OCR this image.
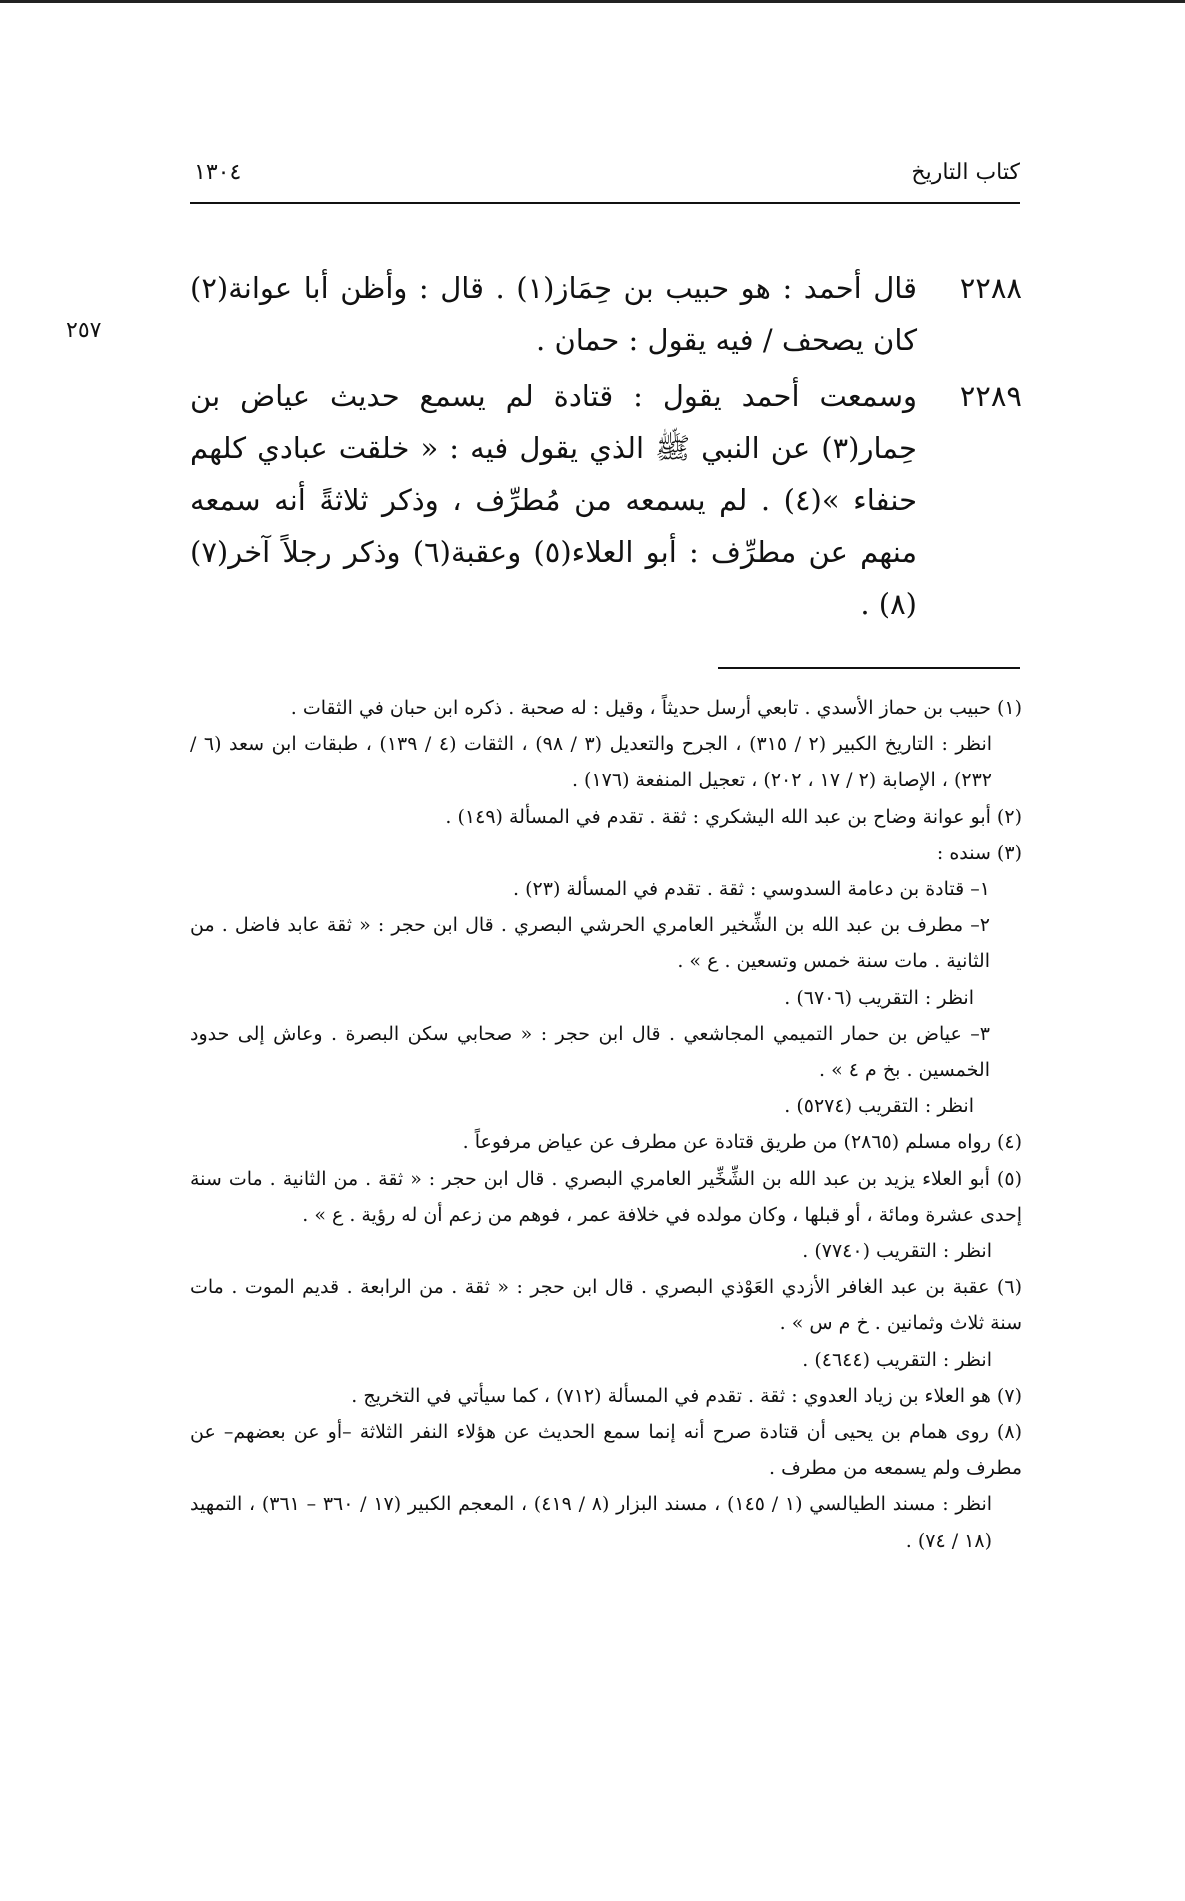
كتاب التاريخ
١٣٠٤
٢٥٧
٢٢٨٨
قال أحمد : هو حبيب بن حِمَاز(١) . قال : وأظن أبا عوانة(٢) كان يصحف / فيه يقول : حمان .
٢٢٨٩
وسمعت أحمد يقول : قتادة لم يسمع حديث عياض بن حِمار(٣) عن النبي ﷺ الذي يقول فيه : « خلقت عبادي كلهم حنفاء »(٤) . لم يسمعه من مُطرِّف ، وذكر ثلاثةً أنه سمعه منهم عن مطرِّف : أبو العلاء(٥) وعقبة(٦) وذكر رجلاً آخر(٧)(٨) .

(١) حبيب بن حماز الأسدي . تابعي أرسل حديثاً ، وقيل : له صحبة . ذكره ابن حبان في الثقات .

انظر : التاريخ الكبير (٢ / ٣١٥) ، الجرح والتعديل (٣ / ٩٨) ، الثقات (٤ / ١٣٩) ، طبقات ابن سعد (٦ / ٢٣٢) ، الإصابة (٢ / ١٧ ، ٢٠٢) ، تعجيل المنفعة (١٧٦) .

(٢) أبو عوانة وضاح بن عبد الله اليشكري : ثقة . تقدم في المسألة (١٤٩) .

(٣) سنده :

١– قتادة بن دعامة السدوسي : ثقة . تقدم في المسألة (٢٣) .

٢– مطرف بن عبد الله بن الشِّخير العامري الحرشي البصري . قال ابن حجر : « ثقة عابد فاضل . من الثانية . مات سنة خمس وتسعين . ع » .

انظر : التقريب (٦٧٠٦) .

٣– عياض بن حمار التميمي المجاشعي . قال ابن حجر : « صحابي سكن البصرة . وعاش إلى حدود الخمسين . بخ م ٤ » .

انظر : التقريب (٥٢٧٤) .

(٤) رواه مسلم (٢٨٦٥) من طريق قتادة عن مطرف عن عياض مرفوعاً .

(٥) أبو العلاء يزيد بن عبد الله بن الشِّخِّير العامري البصري . قال ابن حجر : « ثقة . من الثانية . مات سنة إحدى عشرة ومائة ، أو قبلها ، وكان مولده في خلافة عمر ، فوهم من زعم أن له رؤية . ع » .

انظر : التقريب (٧٧٤٠) .

(٦) عقبة بن عبد الغافر الأزدي العَوْذي البصري . قال ابن حجر : « ثقة . من الرابعة . قديم الموت . مات سنة ثلاث وثمانين . خ م س » .

انظر : التقريب (٤٦٤٤) .

(٧) هو العلاء بن زياد العدوي : ثقة . تقدم في المسألة (٧١٢) ، كما سيأتي في التخريج .

(٨) روى همام بن يحيى أن قتادة صرح أنه إنما سمع الحديث عن هؤلاء النفر الثلاثة –أو عن بعضهم– عن مطرف ولم يسمعه من مطرف .

انظر : مسند الطيالسي (١ / ١٤٥) ، مسند البزار (٨ / ٤١٩) ، المعجم الكبير (١٧ / ٣٦٠ – ٣٦١) ، التمهيد (١٨ / ٧٤) .
